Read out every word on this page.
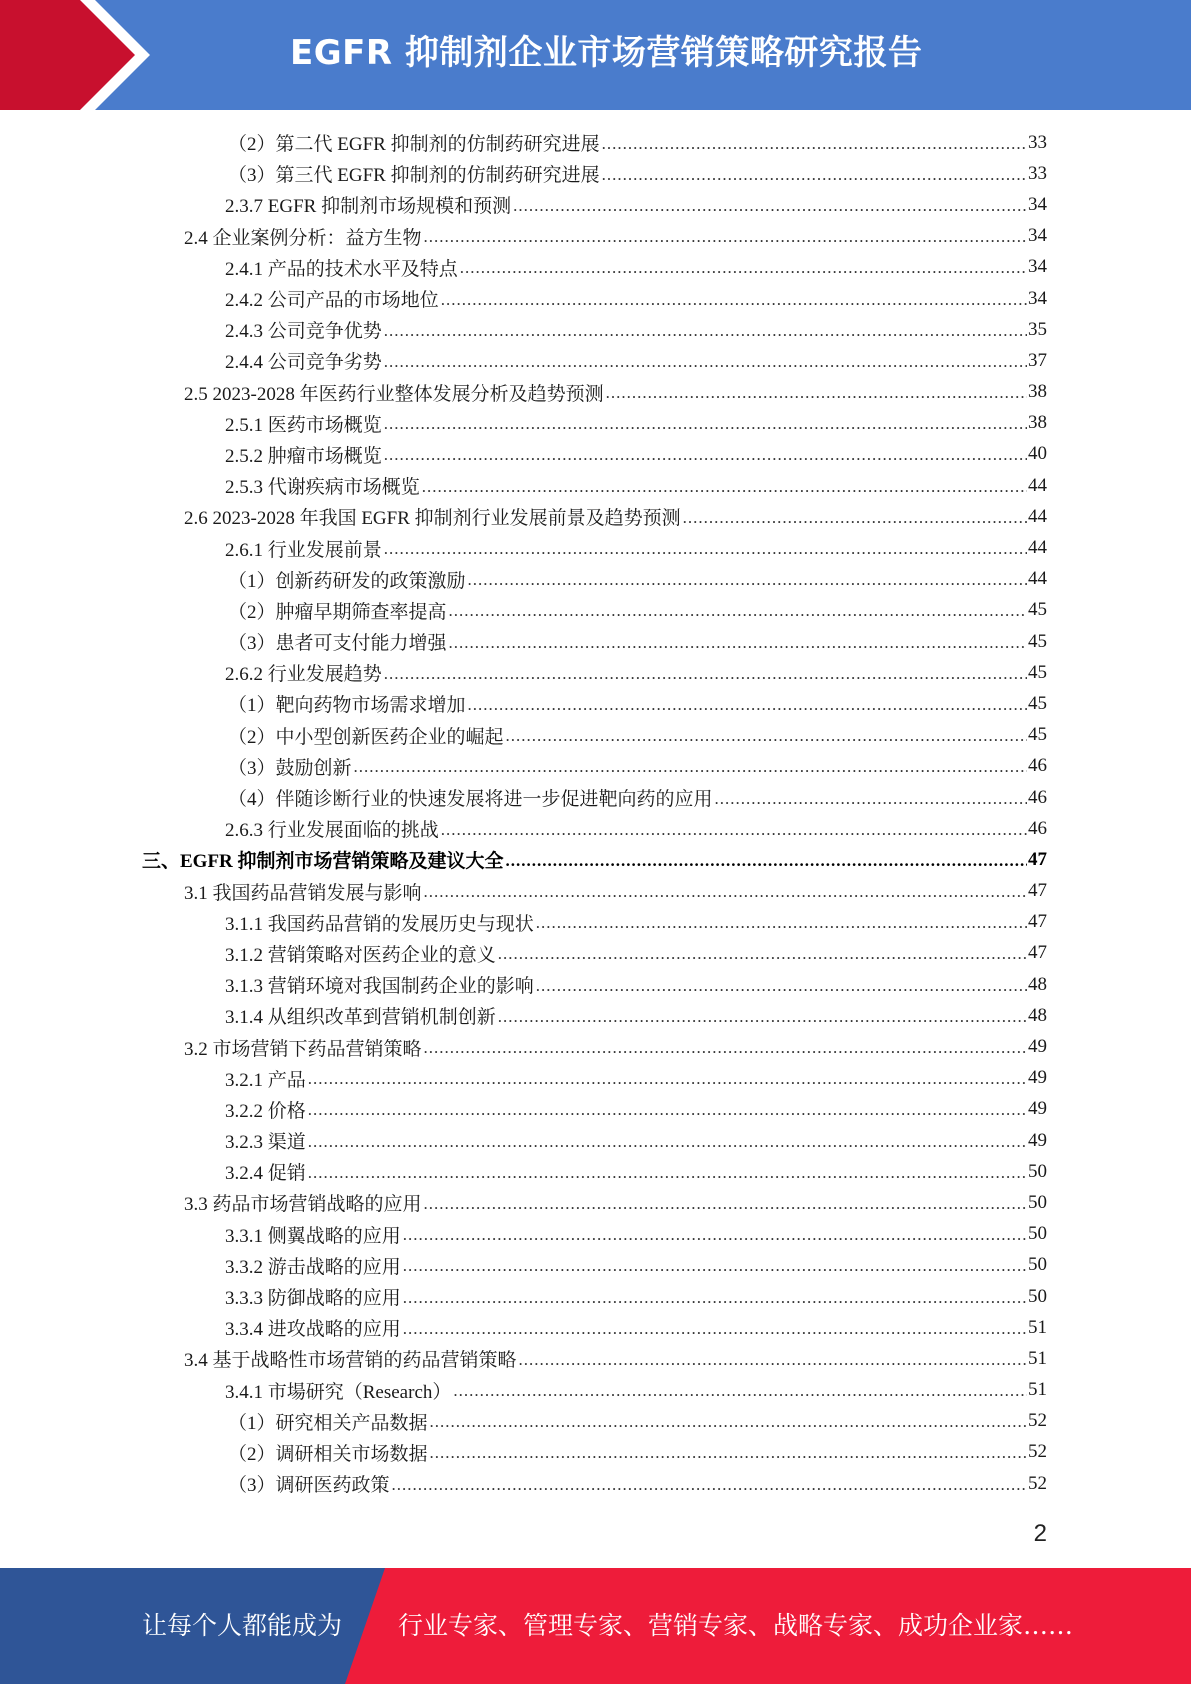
EGFR 抑制剂企业市场营销策略研究报告
（2）第二代 EGFR 抑制剂的仿制药研究进展 .....	33
（3）第三代 EGFR 抑制剂的仿制药研究进展 .....	33
2.3.7 EGFR 抑制剂市场规模和预测 .....	34
2.4 企业案例分析：益方生物 .....	34
2.4.1 产品的技术水平及特点 .....	34
2.4.2 公司产品的市场地位 .....	34
2.4.3 公司竞争优势 .....	35
2.4.4 公司竞争劣势 .....	37
2.5 2023-2028 年医药行业整体发展分析及趋势预测 .....	38
2.5.1 医药市场概览 .....	38
2.5.2 肿瘤市场概览 .....	40
2.5.3 代谢疾病市场概览 .....	44
2.6 2023-2028 年我国 EGFR 抑制剂行业发展前景及趋势预测 .....	44
2.6.1 行业发展前景 .....	44
（1）创新药研发的政策激励 .....	44
（2）肿瘤早期筛查率提高 .....	45
（3）患者可支付能力增强 .....	45
2.6.2 行业发展趋势 .....	45
（1）靶向药物市场需求增加 .....	45
（2）中小型创新医药企业的崛起 .....	45
（3）鼓励创新 .....	46
（4）伴随诊断行业的快速发展将进一步促进靶向药的应用 .....	46
2.6.3 行业发展面临的挑战 .....	46
三、EGFR 抑制剂市场营销策略及建议大全 .....	47
3.1 我国药品营销发展与影响 .....	47
3.1.1 我国药品营销的发展历史与现状 .....	47
3.1.2 营销策略对医药企业的意义 .....	47
3.1.3 营销环境对我国制药企业的影响 .....	48
3.1.4 从组织改革到营销机制创新 .....	48
3.2 市场营销下药品营销策略 .....	49
3.2.1 产品 .....	49
3.2.2 价格 .....	49
3.2.3 渠道 .....	49
3.2.4 促销 .....	50
3.3 药品市场营销战略的应用 .....	50
3.3.1 侧翼战略的应用 .....	50
3.3.2 游击战略的应用 .....	50
3.3.3 防御战略的应用 .....	50
3.3.4 进攻战略的应用 .....	51
3.4 基于战略性市场营销的药品营销策略 .....	51
3.4.1 市場研究（Research） .....	51
（1）研究相关产品数据 .....	52
（2）调研相关市场数据 .....	52
（3）调研医药政策 .....	52
2
让每个人都能成为 行业专家、管理专家、营销专家、战略专家、成功企业家……
